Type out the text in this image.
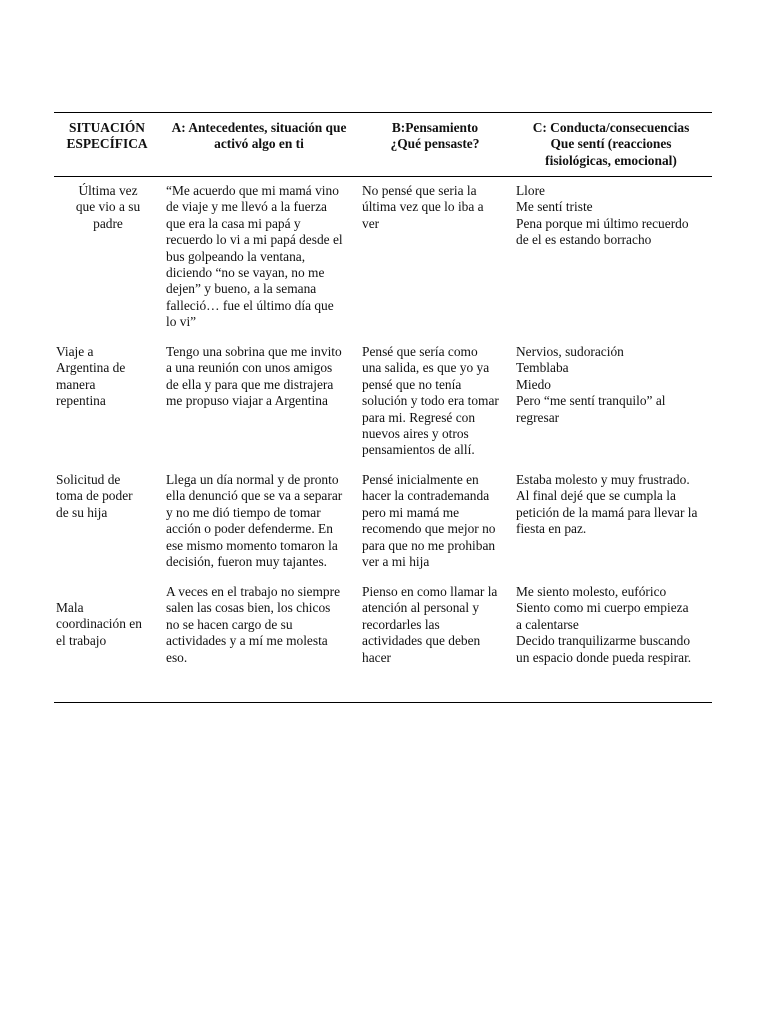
SITUACIÓN
ESPECÍFICA
A: Antecedentes, situación que
activó algo en ti
B:Pensamiento
¿Qué pensaste?
C: Conducta/consecuencias
Que sentí (reacciones
fisiológicas, emocional)
Última vez
que vio a su
padre
“Me acuerdo que mi mamá vino
de viaje y me llevó a la fuerza
que era la casa mi papá y
recuerdo lo vi a mi papá desde el
bus golpeando la ventana,
diciendo “no se vayan, no me
dejen” y bueno, a la semana
falleció… fue el último día que
lo vi”
No pensé que seria la
última vez que lo iba a
ver
Llore
Me sentí triste
Pena porque mi último recuerdo
de el es estando borracho
Viaje a
Argentina de
manera
repentina
Tengo una sobrina que me invito
a una reunión con unos amigos
de ella y para que me distrajera
me propuso viajar a Argentina
Pensé que sería como
una salida, es que yo ya
pensé que no tenía
solución y todo era tomar
para mi. Regresé con
nuevos aires y otros
pensamientos de allí.
Nervios, sudoración
Temblaba
Miedo
Pero “me sentí tranquilo” al
regresar
Solicitud de
toma de poder
de su hija
Llega un día normal y de pronto
ella denunció que se va a separar
y no me dió tiempo de tomar
acción o poder defenderme. En
ese mismo momento tomaron la
decisión, fueron muy tajantes.
Pensé inicialmente en
hacer la contrademanda
pero mi mamá me
recomendo que mejor no
para que no me prohiban
ver a mi hija
Estaba molesto y muy frustrado.
Al final dejé que se cumpla la
petición de la mamá para llevar la
fiesta en paz.
Mala
coordinación en
el trabajo
A veces en el trabajo no siempre
salen las cosas bien, los chicos
no se hacen cargo de su
actividades y a mí me molesta
eso.
Pienso en como llamar la
atención al personal y
recordarles las
actividades que deben
hacer
Me siento molesto, eufórico
Siento como mi cuerpo empieza
a calentarse
Decido tranquilizarme buscando
un espacio donde pueda respirar.
